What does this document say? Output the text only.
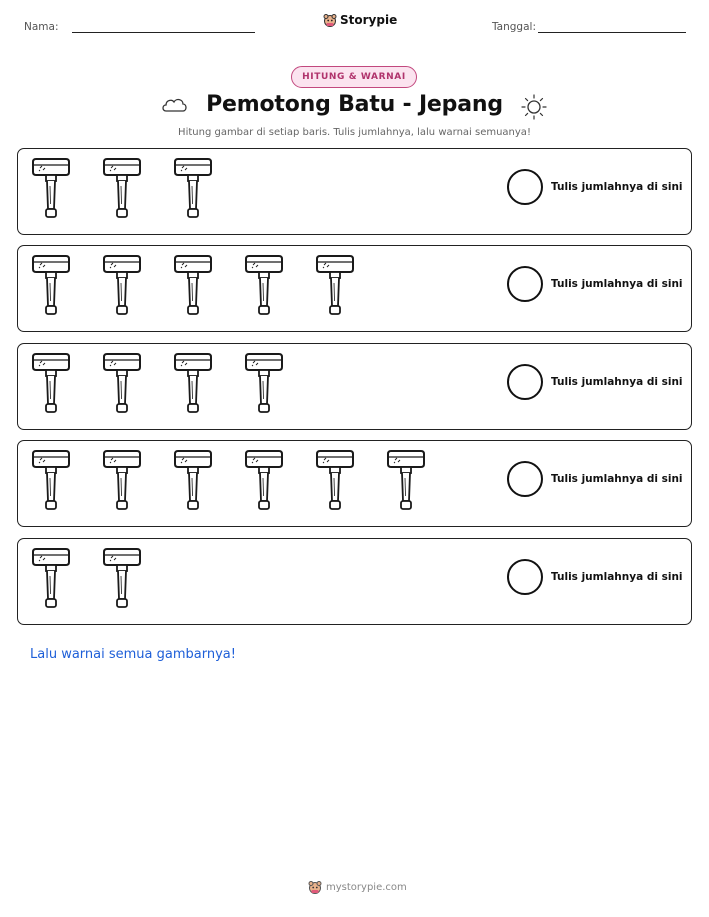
Nama:	Storypie	Tanggal:
HITUNG & WARNAI
Pemotong Batu - Jepang
Hitung gambar di setiap baris. Tulis jumlahnya, lalu warnai semuanya!
Tulis jumlahnya di sini
Tulis jumlahnya di sini
Tulis jumlahnya di sini
Tulis jumlahnya di sini
Tulis jumlahnya di sini
Lalu warnai semua gambarnya!
mystorypie.com
